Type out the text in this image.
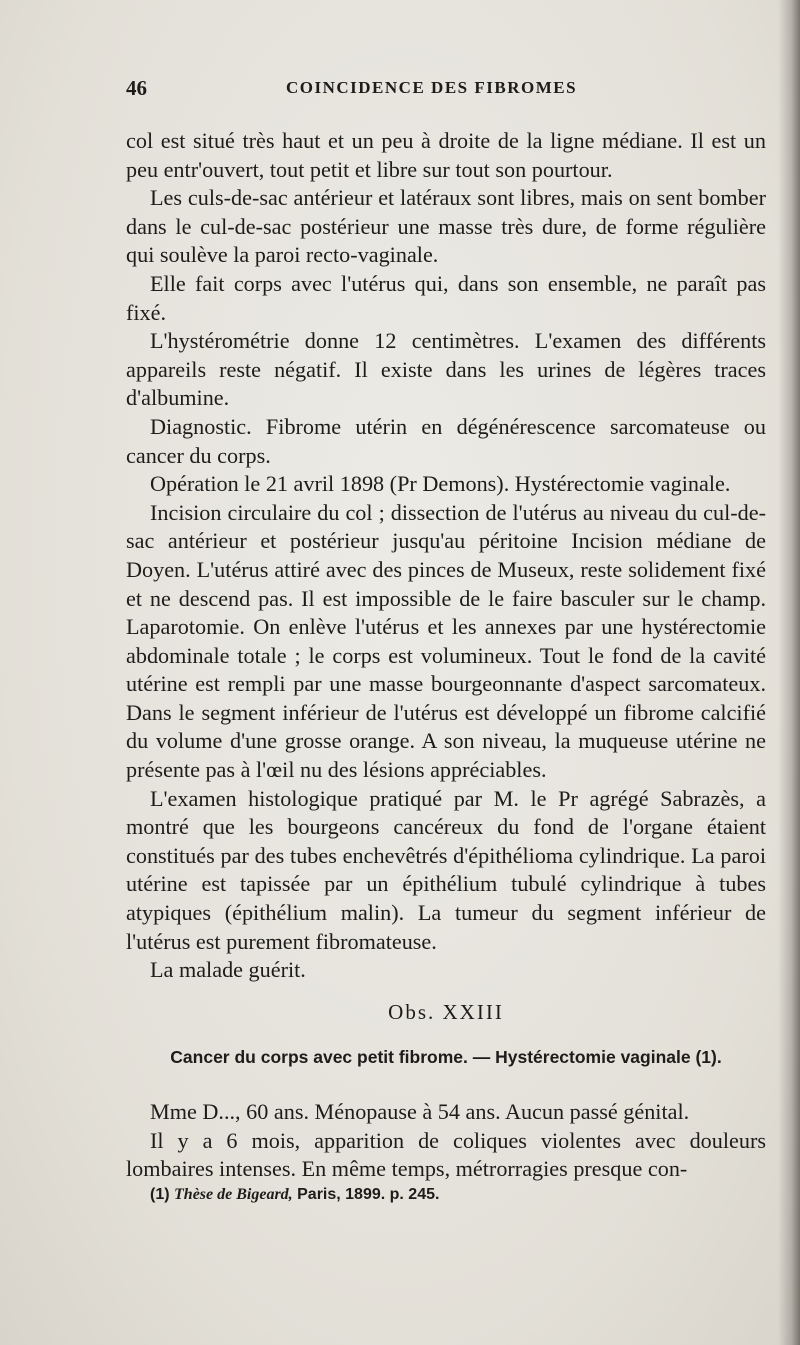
46	COINCIDENCE DES FIBROMES

col est situé très haut et un peu à droite de la ligne médiane. Il est un peu entr'ouvert, tout petit et libre sur tout son pourtour.

Les culs-de-sac antérieur et latéraux sont libres, mais on sent bomber dans le cul-de-sac postérieur une masse très dure, de forme régulière qui soulève la paroi recto-vaginale.

Elle fait corps avec l'utérus qui, dans son ensemble, ne paraît pas fixé.

L'hystérométrie donne 12 centimètres. L'examen des différents appareils reste négatif. Il existe dans les urines de légères traces d'albumine.

Diagnostic. Fibrome utérin en dégénérescence sarcomateuse ou cancer du corps.

Opération le 21 avril 1898 (Pr Demons). Hystérectomie vaginale.

Incision circulaire du col ; dissection de l'utérus au niveau du cul-de-sac antérieur et postérieur jusqu'au péritoine Incision médiane de Doyen. L'utérus attiré avec des pinces de Museux, reste solidement fixé et ne descend pas. Il est impossible de le faire basculer sur le champ. Laparotomie. On enlève l'utérus et les annexes par une hystérectomie abdominale totale ; le corps est volumineux. Tout le fond de la cavité utérine est rempli par une masse bourgeonnante d'aspect sarcomateux. Dans le segment inférieur de l'utérus est développé un fibrome calcifié du volume d'une grosse orange. A son niveau, la muqueuse utérine ne présente pas à l'œil nu des lésions appréciables.

L'examen histologique pratiqué par M. le Pr agrégé Sabrazès, a montré que les bourgeons cancéreux du fond de l'organe étaient constitués par des tubes enchevêtrés d'épithélioma cylindrique. La paroi utérine est tapissée par un épithélium tubulé cylindrique à tubes atypiques (épithélium malin). La tumeur du segment inférieur de l'utérus est purement fibromateuse.

La malade guérit.

Obs. XXIII
Cancer du corps avec petit fibrome. — Hystérectomie vaginale (1).

Mme D..., 60 ans. Ménopause à 54 ans. Aucun passé génital.

Il y a 6 mois, apparition de coliques violentes avec douleurs lombaires intenses. En même temps, métrorragies presque con-

(1) Thèse de Bigeard, Paris, 1899. p. 245.
